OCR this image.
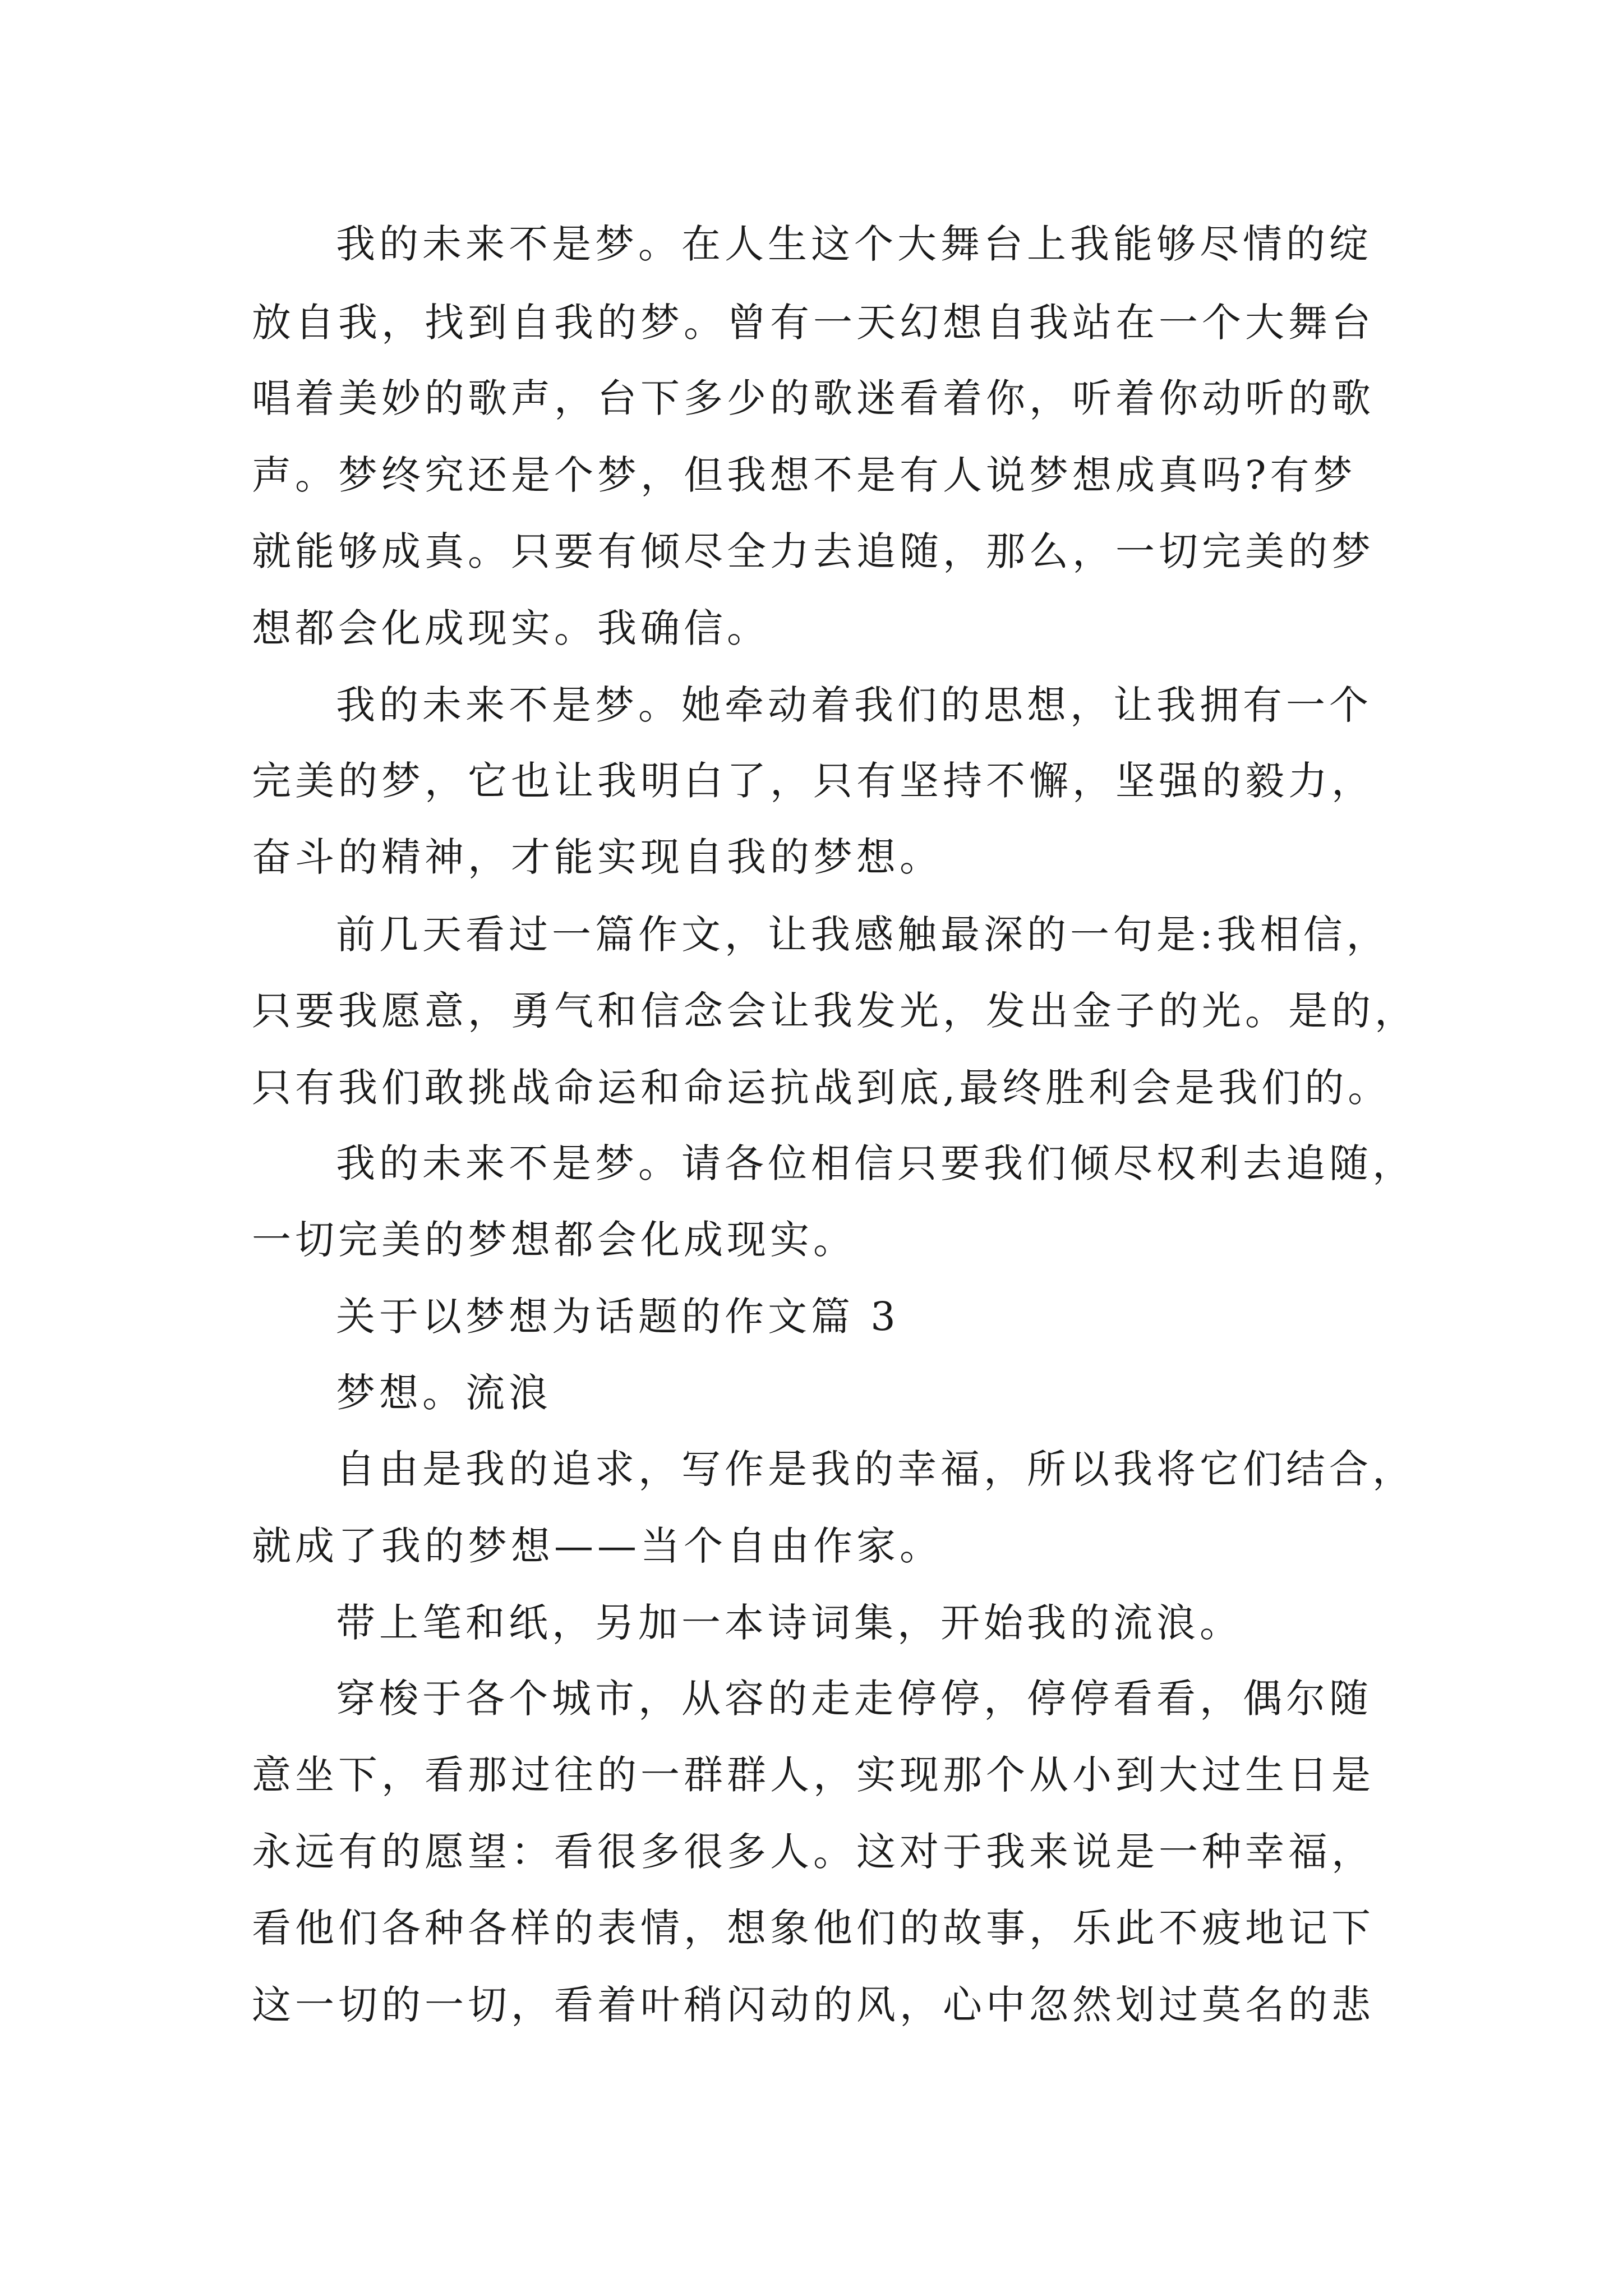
我的未来不是梦。在人生这个大舞台上我能够尽情的绽
放自我，找到自我的梦。曾有一天幻想自我站在一个大舞台
唱着美妙的歌声，台下多少的歌迷看着你，听着你动听的歌
声。梦终究还是个梦，但我想不是有人说梦想成真吗?有梦
就能够成真。只要有倾尽全力去追随，那么，一切完美的梦
想都会化成现实。我确信。
我的未来不是梦。她牵动着我们的思想，让我拥有一个
完美的梦，它也让我明白了，只有坚持不懈，坚强的毅力，
奋斗的精神，才能实现自我的梦想。
前几天看过一篇作文，让我感触最深的一句是:我相信，
只要我愿意，勇气和信念会让我发光，发出金子的光。是的，
只有我们敢挑战命运和命运抗战到底,最终胜利会是我们的。
我的未来不是梦。请各位相信只要我们倾尽权利去追随，
一切完美的梦想都会化成现实。
关于以梦想为话题的作文篇 3
梦想。流浪
自由是我的追求，写作是我的幸福，所以我将它们结合，
就成了我的梦想——当个自由作家。
带上笔和纸，另加一本诗词集，开始我的流浪。
穿梭于各个城市，从容的走走停停，停停看看，偶尔随
意坐下，看那过往的一群群人，实现那个从小到大过生日是
永远有的愿望：看很多很多人。这对于我来说是一种幸福，
看他们各种各样的表情，想象他们的故事，乐此不疲地记下
这一切的一切，看着叶稍闪动的风，心中忽然划过莫名的悲
